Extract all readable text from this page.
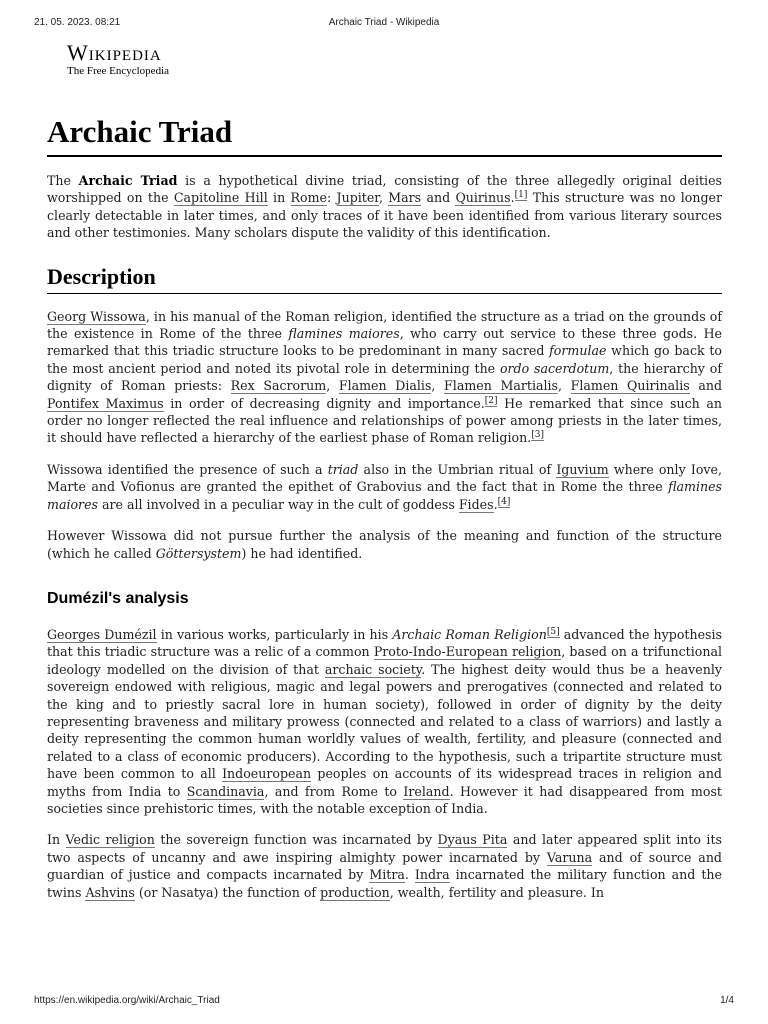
21. 05. 2023. 08:21	Archaic Triad - Wikipedia
Wikipedia
The Free Encyclopedia
Archaic Triad

The Archaic Triad is a hypothetical divine triad, consisting of the three allegedly original deities worshipped on the Capitoline Hill in Rome: Jupiter, Mars and Quirinus.[1] This structure was no longer clearly detectable in later times, and only traces of it have been identified from various literary sources and other testimonies. Many scholars dispute the validity of this identification.

Description

Georg Wissowa, in his manual of the Roman religion, identified the structure as a triad on the grounds of the existence in Rome of the three flamines maiores, who carry out service to these three gods. He remarked that this triadic structure looks to be predominant in many sacred formulae which go back to the most ancient period and noted its pivotal role in determining the ordo sacerdotum, the hierarchy of dignity of Roman priests: Rex Sacrorum, Flamen Dialis, Flamen Martialis, Flamen Quirinalis and Pontifex Maximus in order of decreasing dignity and importance.[2] He remarked that since such an order no longer reflected the real influence and relationships of power among priests in the later times, it should have reflected a hierarchy of the earliest phase of Roman religion.[3]

Wissowa identified the presence of such a triad also in the Umbrian ritual of Iguvium where only Iove, Marte and Vofionus are granted the epithet of Grabovius and the fact that in Rome the three flamines maiores are all involved in a peculiar way in the cult of goddess Fides.[4]

However Wissowa did not pursue further the analysis of the meaning and function of the structure (which he called Göttersystem) he had identified.

Dumézil's analysis

Georges Dumézil in various works, particularly in his Archaic Roman Religion[5] advanced the hypothesis that this triadic structure was a relic of a common Proto-Indo-European religion, based on a trifunctional ideology modelled on the division of that archaic society. The highest deity would thus be a heavenly sovereign endowed with religious, magic and legal powers and prerogatives (connected and related to the king and to priestly sacral lore in human society), followed in order of dignity by the deity representing braveness and military prowess (connected and related to a class of warriors) and lastly a deity representing the common human worldly values of wealth, fertility, and pleasure (connected and related to a class of economic producers). According to the hypothesis, such a tripartite structure must have been common to all Indoeuropean peoples on accounts of its widespread traces in religion and myths from India to Scandinavia, and from Rome to Ireland. However it had disappeared from most societies since prehistoric times, with the notable exception of India.

In Vedic religion the sovereign function was incarnated by Dyaus Pita and later appeared split into its two aspects of uncanny and awe inspiring almighty power incarnated by Varuna and of source and guardian of justice and compacts incarnated by Mitra. Indra incarnated the military function and the twins Ashvins (or Nasatya) the function of production, wealth, fertility and pleasure. In

https://en.wikipedia.org/wiki/Archaic_Triad	1/4
